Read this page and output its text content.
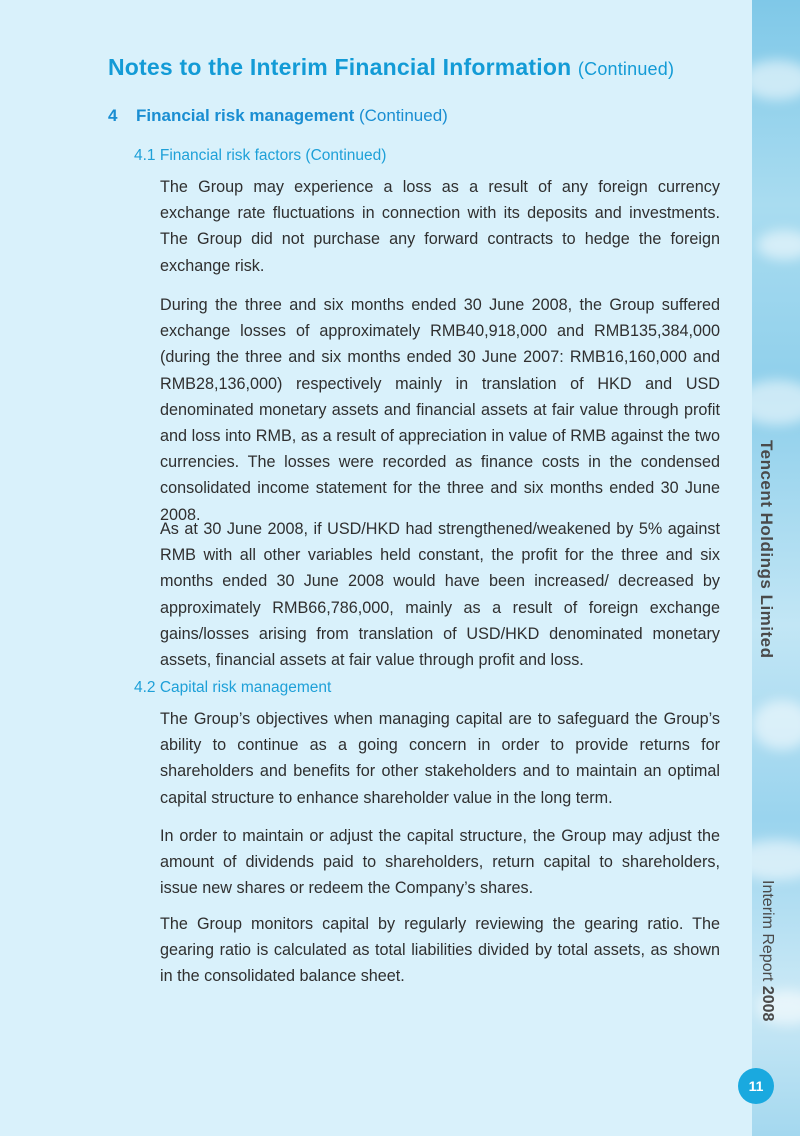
Notes to the Interim Financial Information (Continued)
4 Financial risk management (Continued)
4.1 Financial risk factors (Continued)

The Group may experience a loss as a result of any foreign currency exchange rate fluctuations in connection with its deposits and investments. The Group did not purchase any forward contracts to hedge the foreign exchange risk.

During the three and six months ended 30 June 2008, the Group suffered exchange losses of approximately RMB40,918,000 and RMB135,384,000 (during the three and six months ended 30 June 2007: RMB16,160,000 and RMB28,136,000) respectively mainly in translation of HKD and USD denominated monetary assets and financial assets at fair value through profit and loss into RMB, as a result of appreciation in value of RMB against the two currencies. The losses were recorded as finance costs in the condensed consolidated income statement for the three and six months ended 30 June 2008.

As at 30 June 2008, if USD/HKD had strengthened/weakened by 5% against RMB with all other variables held constant, the profit for the three and six months ended 30 June 2008 would have been increased/ decreased by approximately RMB66,786,000, mainly as a result of foreign exchange gains/losses arising from translation of USD/HKD denominated monetary assets, financial assets at fair value through profit and loss.

4.2 Capital risk management

The Group’s objectives when managing capital are to safeguard the Group’s ability to continue as a going concern in order to provide returns for shareholders and benefits for other stakeholders and to maintain an optimal capital structure to enhance shareholder value in the long term.

In order to maintain or adjust the capital structure, the Group may adjust the amount of dividends paid to shareholders, return capital to shareholders, issue new shares or redeem the Company’s shares.

The Group monitors capital by regularly reviewing the gearing ratio. The gearing ratio is calculated as total liabilities divided by total assets, as shown in the consolidated balance sheet.

Tencent Holdings Limited
Interim Report 2008
11
